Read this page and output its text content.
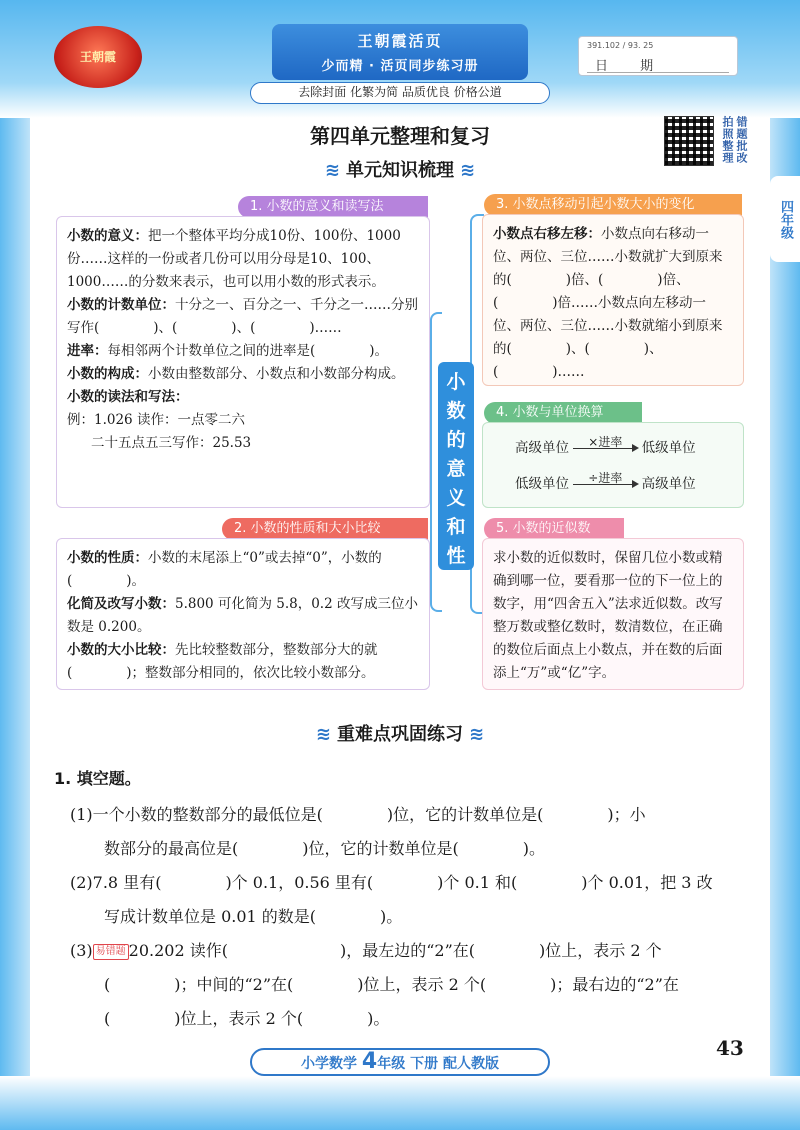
王朝霞
王朝霞活页
少而精 · 活页同步练习册
去除封面 化繁为简 品质优良 价格公道
391.102 / 93. 25
日 期
四年级
第四单元整理和复习	错题批改 拍照整理
≋ 单元知识梳理 ≋
小数的意义和性质
1. 小数的意义和读写法
小数的意义：把一个整体平均分成10份、100份、1000份……这样的一份或者几份可以用分母是10、100、1000……的分数来表示，也可以用小数的形式表示。
小数的计数单位：十分之一、百分之一、千分之一……分别写作(　　　　)、(　　　　)、(　　　　)……
进率：每相邻两个计数单位之间的进率是(　　　　)。
小数的构成：小数由整数部分、小数点和小数部分构成。
小数的读法和写法：
例：1.026 读作：一点零二六
二十五点五三写作：25.53
2. 小数的性质和大小比较
小数的性质：小数的末尾添上“0”或去掉“0”，小数的(　　　　)。
化简及改写小数：5.800 可化简为 5.8，0.2 改写成三位小数是 0.200。
小数的大小比较：先比较整数部分，整数部分大的就(　　　　)；整数部分相同的，依次比较小数部分。
3. 小数点移动引起小数大小的变化
小数点右移左移：小数点向右移动一位、两位、三位……小数就扩大到原来的(　　　　)倍、(　　　　)倍、(　　　　)倍……小数点向左移动一位、两位、三位……小数就缩小到原来的(　　　　)、(　　　　)、(　　　　)……
4. 小数与单位换算
高级单位	×进率	低级单位
低级单位	÷进率	高级单位
5. 小数的近似数
求小数的近似数时，保留几位小数或精确到哪一位，要看那一位的下一位上的数字，用“四舍五入”法求近似数。改写整万数或整亿数时，数清数位，在正确的数位后面点上小数点，并在数的后面添上“万”或“亿”字。
≋ 重难点巩固练习 ≋
1. 填空题。
(1)一个小数的整数部分的最低位是(　　　　)位，它的计数单位是(　　　　)；小
数部分的最高位是(　　　　)位，它的计数单位是(　　　　)。
(2)7.8 里有(　　　　)个 0.1，0.56 里有(　　　　)个 0.1 和(　　　　)个 0.01，把 3 改
写成计数单位是 0.01 的数是(　　　　)。
(3) 易错题 20.202 读作(　　　　　　　)，最左边的“2”在(　　　　)位上，表示 2 个
(　　　　)；中间的“2”在(　　　　)位上，表示 2 个(　　　　)；最右边的“2”在
(　　　　)位上，表示 2 个(　　　　)。
43
小学数学 4年级 下册 配人教版
